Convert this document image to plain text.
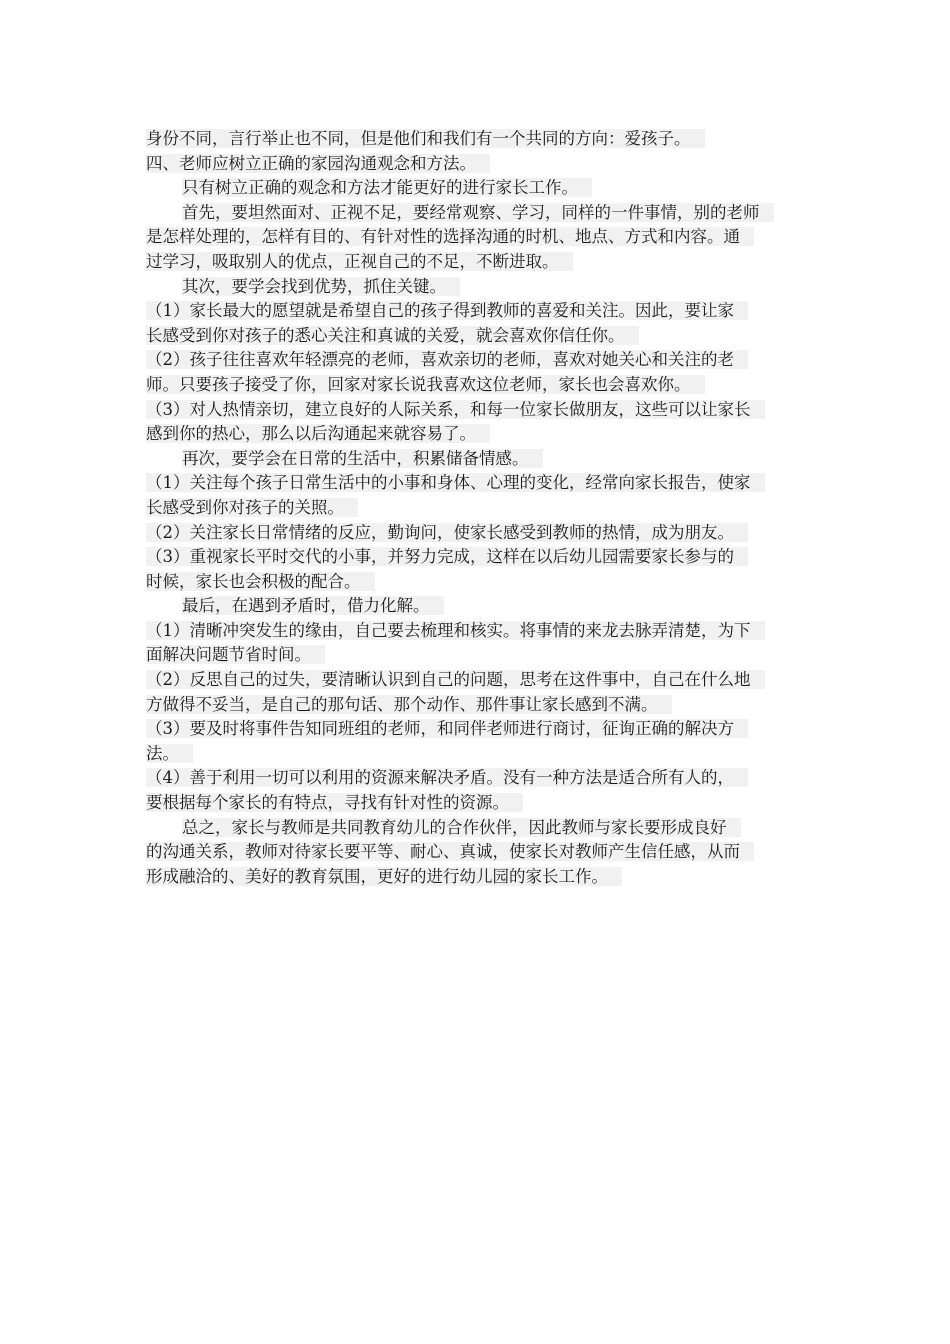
身份不同，言行举止也不同，但是他们和我们有一个共同的方向：爱孩子。
四、老师应树立正确的家园沟通观念和方法。
只有树立正确的观念和方法才能更好的进行家长工作。
首先，要坦然面对、正视不足，要经常观察、学习，同样的一件事情，别的老师
是怎样处理的，怎样有目的、有针对性的选择沟通的时机、地点、方式和内容。通
过学习，吸取别人的优点，正视自己的不足，不断进取。
其次，要学会找到优势，抓住关键。
（1）家长最大的愿望就是希望自己的孩子得到教师的喜爱和关注。因此，要让家
长感受到你对孩子的悉心关注和真诚的关爱，就会喜欢你信任你。
（2）孩子往往喜欢年轻漂亮的老师，喜欢亲切的老师，喜欢对她关心和关注的老
师。只要孩子接受了你，回家对家长说我喜欢这位老师，家长也会喜欢你。
（3）对人热情亲切，建立良好的人际关系，和每一位家长做朋友，这些可以让家长
感到你的热心，那么以后沟通起来就容易了。
再次，要学会在日常的生活中，积累储备情感。
（1）关注每个孩子日常生活中的小事和身体、心理的变化，经常向家长报告，使家
长感受到你对孩子的关照。
（2）关注家长日常情绪的反应，勤询问，使家长感受到教师的热情，成为朋友。
（3）重视家长平时交代的小事，并努力完成，这样在以后幼儿园需要家长参与的
时候，家长也会积极的配合。
最后，在遇到矛盾时，借力化解。
（1）清晰冲突发生的缘由，自己要去梳理和核实。将事情的来龙去脉弄清楚，为下
面解决问题节省时间。
（2）反思自己的过失，要清晰认识到自己的问题，思考在这件事中，自己在什么地
方做得不妥当，是自己的那句话、那个动作、那件事让家长感到不满。
（3）要及时将事件告知同班组的老师，和同伴老师进行商讨，征询正确的解决方
法。
（4）善于利用一切可以利用的资源来解决矛盾。没有一种方法是适合所有人的，
要根据每个家长的有特点，寻找有针对性的资源。
总之，家长与教师是共同教育幼儿的合作伙伴，因此教师与家长要形成良好
的沟通关系，教师对待家长要平等、耐心、真诚，使家长对教师产生信任感，从而
形成融洽的、美好的教育氛围，更好的进行幼儿园的家长工作。
